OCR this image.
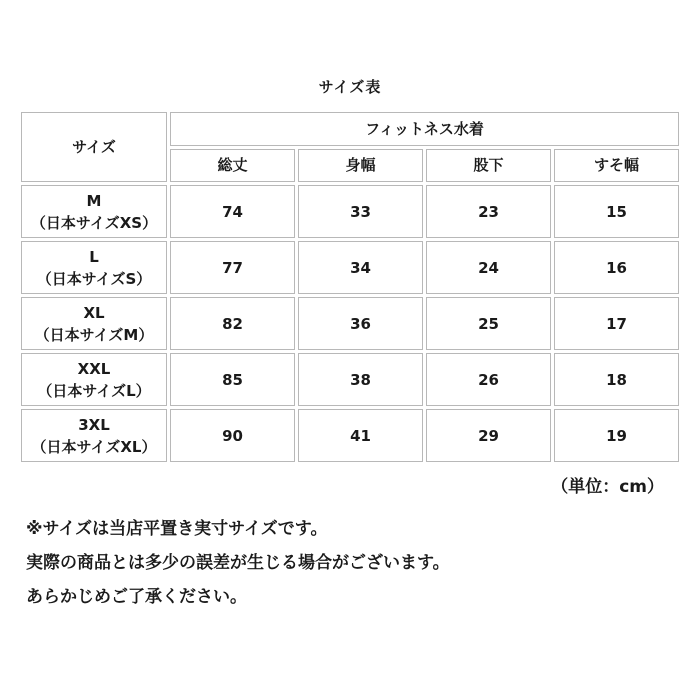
サイズ表
サイズ	フィットネス水着			
	総丈	身幅	股下	すそ幅

M
（日本サイズXS）	74	33	23	15

L
（日本サイズS）	77	34	24	16

XL
（日本サイズM）	82	36	25	17

XXL
（日本サイズL）	85	38	26	18

3XL
（日本サイズXL）	90	41	29	19
（単位：cm）
※サイズは当店平置き実寸サイズです。
実際の商品とは多少の誤差が生じる場合がございます。
あらかじめご了承ください。
